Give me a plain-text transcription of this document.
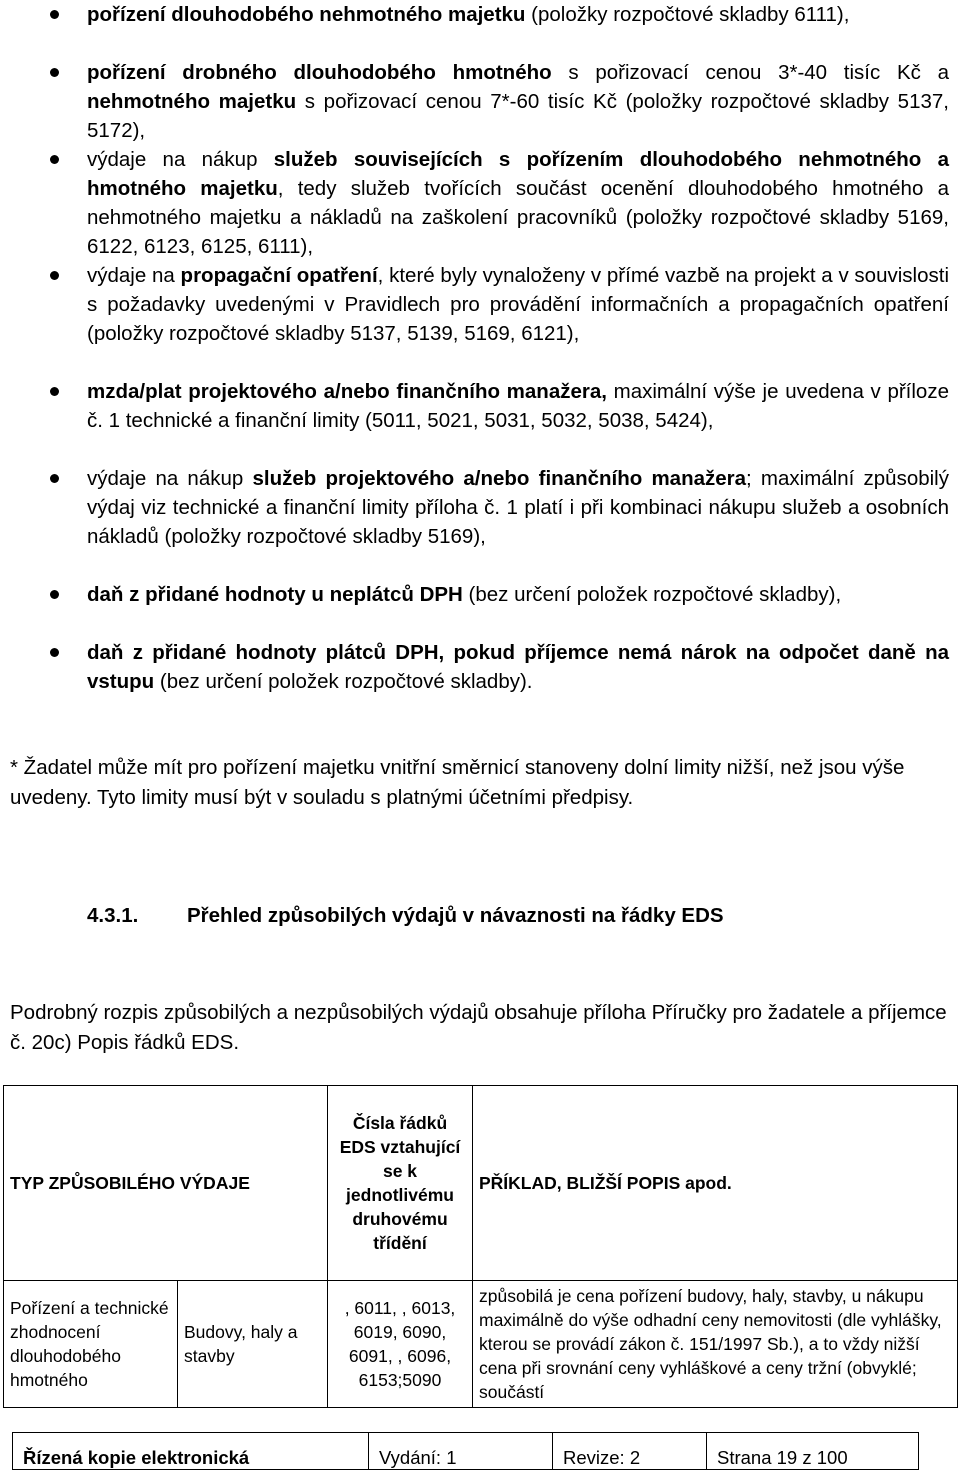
pořízení dlouhodobého nehmotného majetku (položky rozpočtové skladby 6111),
pořízení drobného dlouhodobého hmotného s pořizovací cenou 3*-40 tisíc Kč a nehmotného majetku s pořizovací cenou 7*-60 tisíc Kč (položky rozpočtové skladby 5137, 5172),
výdaje na nákup služeb souvisejících s pořízením dlouhodobého nehmotného a hmotného majetku, tedy služeb tvořících součást ocenění dlouhodobého hmotného a nehmotného majetku a nákladů na zaškolení pracovníků (položky rozpočtové skladby 5169, 6122, 6123, 6125, 6111),
výdaje na propagační opatření, které byly vynaloženy v přímé vazbě na projekt a v souvislosti s požadavky uvedenými v Pravidlech pro provádění informačních a propagačních opatření (položky rozpočtové skladby 5137, 5139, 5169, 6121),
mzda/plat projektového a/nebo finančního manažera, maximální výše je uvedena v příloze č. 1 technické a finanční limity (5011, 5021, 5031, 5032, 5038, 5424),
výdaje na nákup služeb projektového a/nebo finančního manažera; maximální způsobilý výdaj viz technické a finanční limity příloha č. 1 platí i při kombinaci nákupu služeb a osobních nákladů (položky rozpočtové skladby 5169),
daň z přidané hodnoty u neplátců DPH (bez určení položek rozpočtové skladby),
daň z přidané hodnoty plátců DPH, pokud příjemce nemá nárok na odpočet daně na vstupu (bez určení položek rozpočtové skladby).
* Žadatel může mít pro pořízení majetku vnitřní směrnicí stanoveny dolní limity nižší, než jsou výše uvedeny. Tyto limity musí být v souladu s platnými účetními předpisy.
4.3.1. Přehled způsobilých výdajů v návaznosti na řádky EDS
Podrobný rozpis způsobilých a nezpůsobilých výdajů obsahuje příloha Příručky pro žadatele a příjemce č. 20c) Popis řádků EDS.
TYP ZPŮSOBILÉHO VÝDAJE		Čísla řádků EDS vztahující se k jednotlivému druhovému třídění	PŘÍKLAD, BLIŽŠÍ POPIS apod.
Pořízení a technické zhodnocení dlouhodobého hmotného	Budovy, haly a stavby	, 6011, , 6013, 6019, 6090, 6091, , 6096, 6153;5090	způsobilá je cena pořízení budovy, haly, stavby, u nákupu maximálně do výše odhadní ceny nemovitosti (dle vyhlášky, kterou se provádí zákon č. 151/1997 Sb.), a to vždy nižší cena při srovnání ceny vyhláškové a ceny tržní (obvyklé; součástí
Řízená kopie elektronická	Vydání: 1	Revize: 2	Strana 19 z 100
